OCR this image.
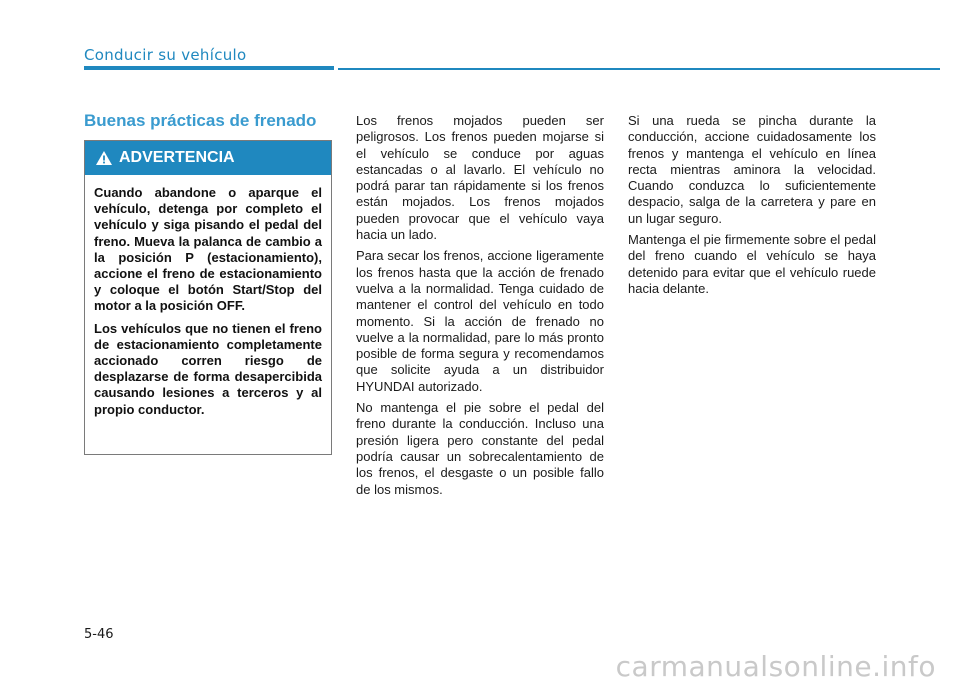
Conducir su vehículo
Buenas prácticas de frenado
ADVERTENCIA

Cuando abandone o aparque el vehículo, detenga por completo el vehículo y siga pisando el pedal del freno. Mueva la palanca de cambio a la posición P (estacionamiento), accione el freno de estacionamiento y coloque el botón Start/Stop del motor a la posición OFF.

Los vehículos que no tienen el freno de estacionamiento completamente accionado corren riesgo de desplazarse de forma desapercibida causando lesiones a terceros y al propio conductor.

Los frenos mojados pueden ser peligrosos. Los frenos pueden mojarse si el vehículo se conduce por aguas estancadas o al lavarlo. El vehículo no podrá parar tan rápidamente si los frenos están mojados. Los frenos mojados pueden provocar que el vehículo vaya hacia un lado.

Para secar los frenos, accione ligeramente los frenos hasta que la acción de frenado vuelva a la normalidad. Tenga cuidado de mantener el control del vehículo en todo momento. Si la acción de frenado no vuelve a la normalidad, pare lo más pronto posible de forma segura y recomendamos que solicite ayuda a un distribuidor HYUNDAI autorizado.

No mantenga el pie sobre el pedal del freno durante la conducción. Incluso una presión ligera pero constante del pedal podría causar un sobrecalentamiento de los frenos, el desgaste o un posible fallo de los mismos.

Si una rueda se pincha durante la conducción, accione cuidadosamente los frenos y mantenga el vehículo en línea recta mientras aminora la velocidad. Cuando conduzca lo suficientemente despacio, salga de la carretera y pare en un lugar seguro.

Mantenga el pie firmemente sobre el pedal del freno cuando el vehículo se haya detenido para evitar que el vehículo ruede hacia delante.

5-46
carmanualsonline.info
